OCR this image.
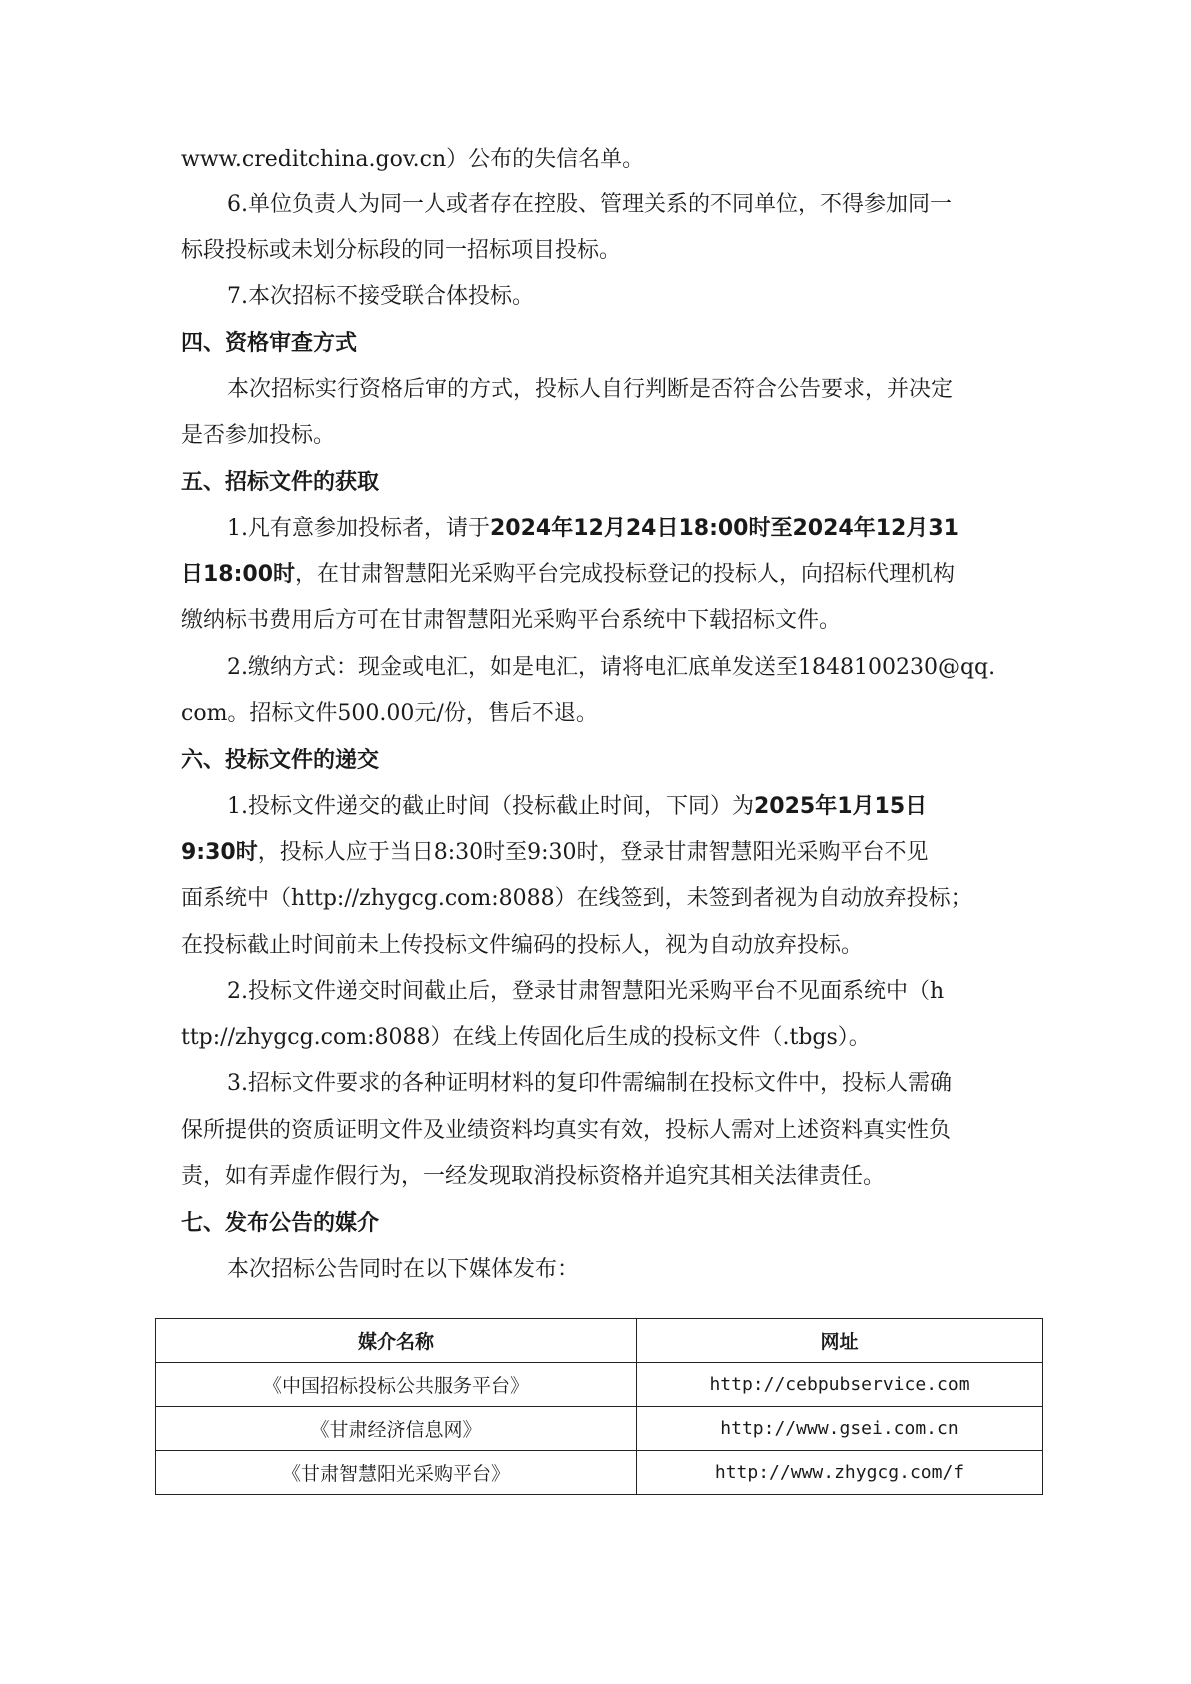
www.creditchina.gov.cn）公布的失信名单。
6.单位负责人为同一人或者存在控股、管理关系的不同单位，不得参加同一
标段投标或未划分标段的同一招标项目投标。
7.本次招标不接受联合体投标。
四、资格审查方式
本次招标实行资格后审的方式，投标人自行判断是否符合公告要求，并决定
是否参加投标。
五、招标文件的获取
1.凡有意参加投标者，请于2024年12月24日18:00时至2024年12月31
日18:00时，在甘肃智慧阳光采购平台完成投标登记的投标人，向招标代理机构
缴纳标书费用后方可在甘肃智慧阳光采购平台系统中下载招标文件。
2.缴纳方式：现金或电汇，如是电汇，请将电汇底单发送至1848100230@qq.
com。招标文件500.00元/份，售后不退。
六、投标文件的递交
1.投标文件递交的截止时间（投标截止时间，下同）为2025年1月15日
9:30时，投标人应于当日8:30时至9:30时，登录甘肃智慧阳光采购平台不见
面系统中（http://zhygcg.com:8088）在线签到，未签到者视为自动放弃投标；
在投标截止时间前未上传投标文件编码的投标人，视为自动放弃投标。
2.投标文件递交时间截止后，登录甘肃智慧阳光采购平台不见面系统中（h
ttp://zhygcg.com:8088）在线上传固化后生成的投标文件（.tbgs）。
3.招标文件要求的各种证明材料的复印件需编制在投标文件中，投标人需确
保所提供的资质证明文件及业绩资料均真实有效，投标人需对上述资料真实性负
责，如有弄虚作假行为，一经发现取消投标资格并追究其相关法律责任。
七、发布公告的媒介
本次招标公告同时在以下媒体发布：
媒介名称	网址
《中国招标投标公共服务平台》	http://cebpubservice.com
《甘肃经济信息网》	http://www.gsei.com.cn
《甘肃智慧阳光采购平台》	http://www.zhygcg.com/f
